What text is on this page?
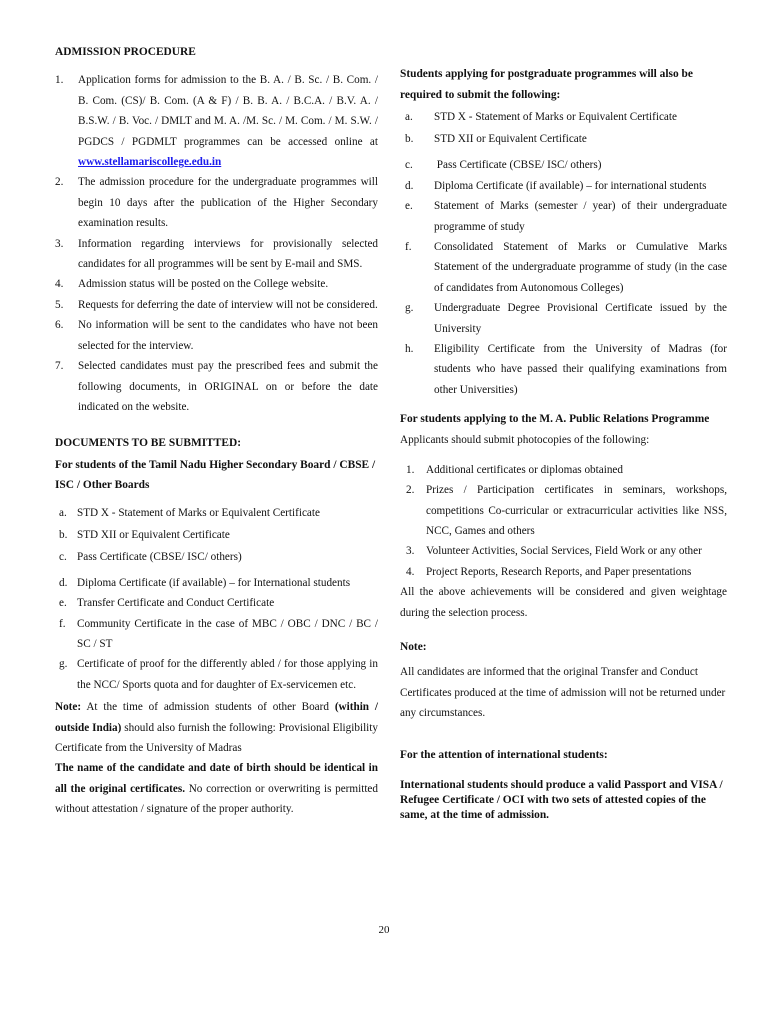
ADMISSION PROCEDURE
1.	Application forms for admission to the B. A. / B. Sc. / B. Com. / B. Com. (CS)/ B. Com. (A & F) / B. B. A. / B.C.A. / B.V. A. / B.S.W. / B. Voc. / DMLT and M. A. /M. Sc. / M. Com. / M. S.W. / PGDCS / PGDMLT programmes can be accessed online at www.stellamariscollege.edu.in
2.	The admission procedure for the undergraduate programmes will begin 10 days after the publication of the Higher Secondary examination results.
3.	Information regarding interviews for provisionally selected candidates for all programmes will be sent by E-mail and SMS.
4.	Admission status will be posted on the College website.
5.	Requests for deferring the date of interview will not be considered.
6.	No information will be sent to the candidates who have not been selected for the interview.
7.	Selected candidates must pay the prescribed fees and submit the following documents, in ORIGINAL on or before the date indicated on the website.
DOCUMENTS TO BE SUBMITTED:
For students of the Tamil Nadu Higher Secondary Board / CBSE / ISC / Other Boards
a. STD X - Statement of Marks or Equivalent Certificate
b. STD XII or Equivalent Certificate
c. Pass Certificate (CBSE/ ISC/ others)
d. Diploma Certificate (if available) – for International students
e. Transfer Certificate and Conduct Certificate
f.	Community Certificate in the case of MBC / OBC / DNC / BC / SC / ST
g. Certificate of proof for the differently abled / for those applying in the NCC/ Sports quota and for daughter of Ex-servicemen etc.

Note: At the time of admission students of other Board (within / outside India) should also furnish the following: Provisional Eligibility Certificate from the University of Madras

The name of the candidate and date of birth should be identical in all the original certificates. No correction or overwriting is permitted without attestation / signature of the proper authority.

Students applying for postgraduate programmes will also be required to submit the following:
a.	STD X - Statement of Marks or Equivalent Certificate
b.	STD XII or Equivalent Certificate
c.	Pass Certificate (CBSE/ ISC/ others)
d.	Diploma Certificate (if available) – for international students
e.	Statement of Marks (semester / year) of their undergraduate programme of study
f.	Consolidated Statement of Marks or Cumulative Marks Statement of the undergraduate programme of study (in the case of candidates from Autonomous Colleges)
g.	Undergraduate Degree Provisional Certificate issued by the University
h.	Eligibility Certificate from the University of Madras (for students who have passed their qualifying examinations from other Universities)
For students applying to the M. A. Public Relations Programme

Applicants should submit photocopies of the following:

1.	Additional certificates or diplomas obtained
2.	Prizes / Participation certificates in seminars, workshops, competitions Co-curricular or extracurricular activities like NSS, NCC, Games and others
3.	Volunteer Activities, Social Services, Field Work or any other
4.	Project Reports, Research Reports, and Paper presentations

All the above achievements will be considered and given weightage during the selection process.

Note:

All candidates are informed that the original Transfer and Conduct Certificates produced at the time of admission will not be returned under any circumstances.

For the attention of international students:
International students should produce a valid Passport and VISA / Refugee Certificate / OCI with two sets of attested copies of the same, at the time of admission.
20
